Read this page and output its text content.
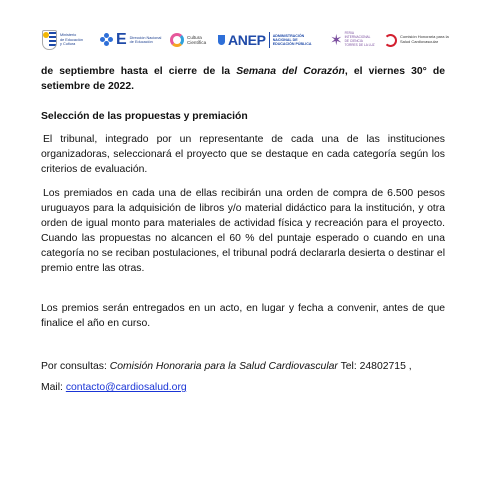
Ministerio
de Educación
y Cultura	E Dirección Nacional
de Educación
Cultura
Científica ANEP ADMINISTRACIÓN
NACIONAL DE
EDUCACIÓN PÚBLICA ✶ FERIA
INTERNACIONAL
DE CIENCIA
TORRES DE LA LUZ
Comisión Honoraria para la
Salud Cardiovascular

de septiembre hasta el cierre de la Semana del Corazón, el viernes 30° de setiembre de 2022.

Selección de las propuestas y premiación

El tribunal, integrado por un representante de cada una de las instituciones organizadoras, seleccionará el proyecto que se destaque en cada categoría según los criterios de evaluación.

Los premiados en cada una de ellas recibirán una orden de compra de 6.500 pesos uruguayos para la adquisición de libros y/o material didáctico para la institución, y otra orden de igual monto para materiales de actividad física y recreación para el proyecto. Cuando las propuestas no alcancen el 60 % del puntaje esperado o cuando en una categoría no se reciban postulaciones, el tribunal podrá declararla desierta o destinar el premio entre las otras.

Los premios serán entregados en un acto, en lugar y fecha a convenir, antes de que finalice el año en curso.

Por consultas: Comisión Honoraria para la Salud Cardiovascular Tel: 24802715 ,

Mail: contacto@cardiosalud.org
